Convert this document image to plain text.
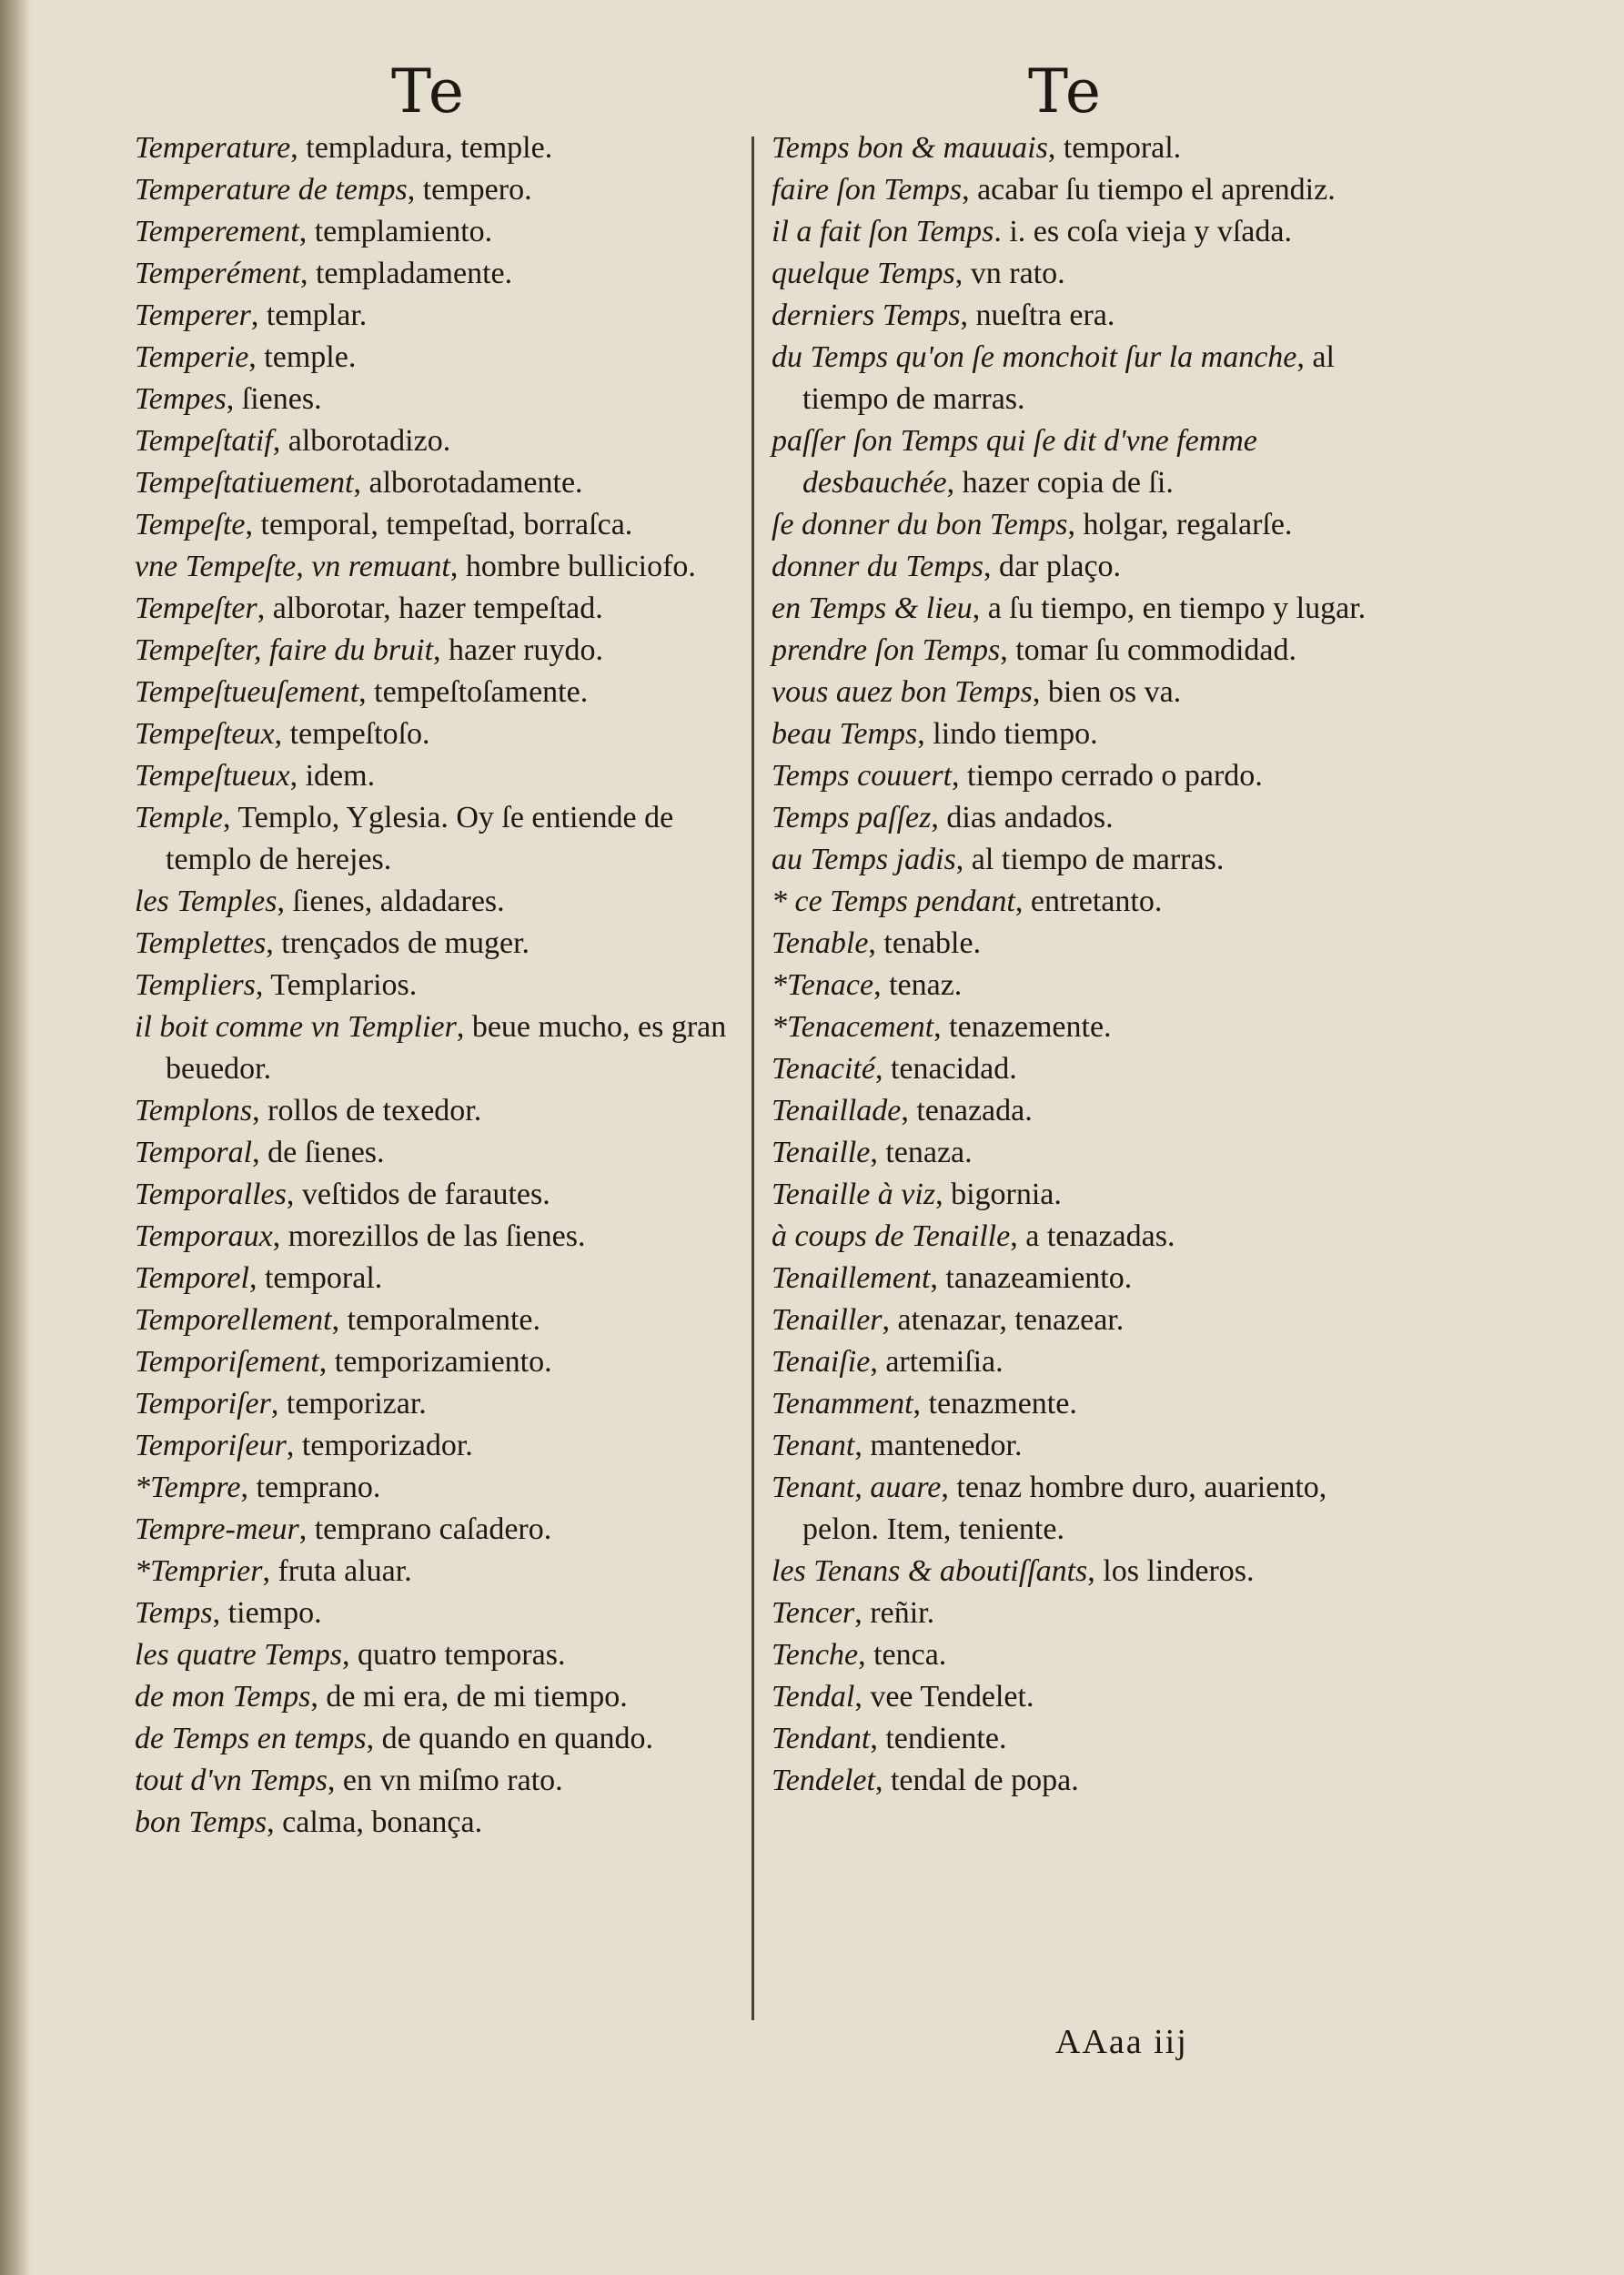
Te	Te
Temperature, templadura, temple.
Temperature de temps, tempero.
Temperement, templamiento.
Temperément, templadamente.
Temperer, templar.
Temperie, temple.
Tempes, ſienes.
Tempeſtatif, alborotadizo.
Tempeſtatiuement, alborotadamente.
Tempeſte, temporal, tempeſtad, borraſca.
vne Tempeſte, vn remuant, hombre bulliciofo.
Tempeſter, alborotar, hazer tempeſtad.
Tempeſter, faire du bruit, hazer ruydo.
Tempeſtueuſement, tempeſtoſamente.
Tempeſteux, tempeſtoſo.
Tempeſtueux, idem.
Temple, Templo, Yglesia. Oy ſe entiende de templo de herejes.
les Temples, ſienes, aldadares.
Templettes, trençados de muger.
Templiers, Templarios.
il boit comme vn Templier, beue mucho, es gran beuedor.
Templons, rollos de texedor.
Temporal, de ſienes.
Temporalles, veſtidos de farautes.
Temporaux, morezillos de las ſienes.
Temporel, temporal.
Temporellement, temporalmente.
Temporiſement, temporizamiento.
Temporiſer, temporizar.
Temporiſeur, temporizador.
*Tempre, temprano.
Tempre-meur, temprano caſadero.
*Temprier, fruta aluar.
Temps, tiempo.
les quatre Temps, quatro temporas.
de mon Temps, de mi era, de mi tiempo.
de Temps en temps, de quando en quando.
tout d'vn Temps, en vn miſmo rato.
bon Temps, calma, bonança.
Temps bon & mauuais, temporal.
faire ſon Temps, acabar ſu tiempo el aprendiz.
il a fait ſon Temps. i. es coſa vieja y vſada.
quelque Temps, vn rato.
derniers Temps, nueſtra era.
du Temps qu'on ſe monchoit ſur la manche, al tiempo de marras.
paſſer ſon Temps qui ſe dit d'vne femme desbauchée, hazer copia de ſi.
ſe donner du bon Temps, holgar, regalarſe.
donner du Temps, dar plaço.
en Temps & lieu, a ſu tiempo, en tiempo y lugar.
prendre ſon Temps, tomar ſu commodidad.
vous auez bon Temps, bien os va.
beau Temps, lindo tiempo.
Temps couuert, tiempo cerrado o pardo.
Temps paſſez, dias andados.
au Temps jadis, al tiempo de marras.
* ce Temps pendant, entretanto.
Tenable, tenable.
*Tenace, tenaz.
*Tenacement, tenazemente.
Tenacité, tenacidad.
Tenaillade, tenazada.
Tenaille, tenaza.
Tenaille à viz, bigornia.
à coups de Tenaille, a tenazadas.
Tenaillement, tanazeamiento.
Tenailler, atenazar, tenazear.
Tenaiſie, artemiſia.
Tenamment, tenazmente.
Tenant, mantenedor.
Tenant, auare, tenaz hombre duro, auariento, pelon. Item, teniente.
les Tenans & aboutiſſants, los linderos.
Tencer, reñir.
Tenche, tenca.
Tendal, vee Tendelet.
Tendant, tendiente.
Tendelet, tendal de popa.
AAaa iij
